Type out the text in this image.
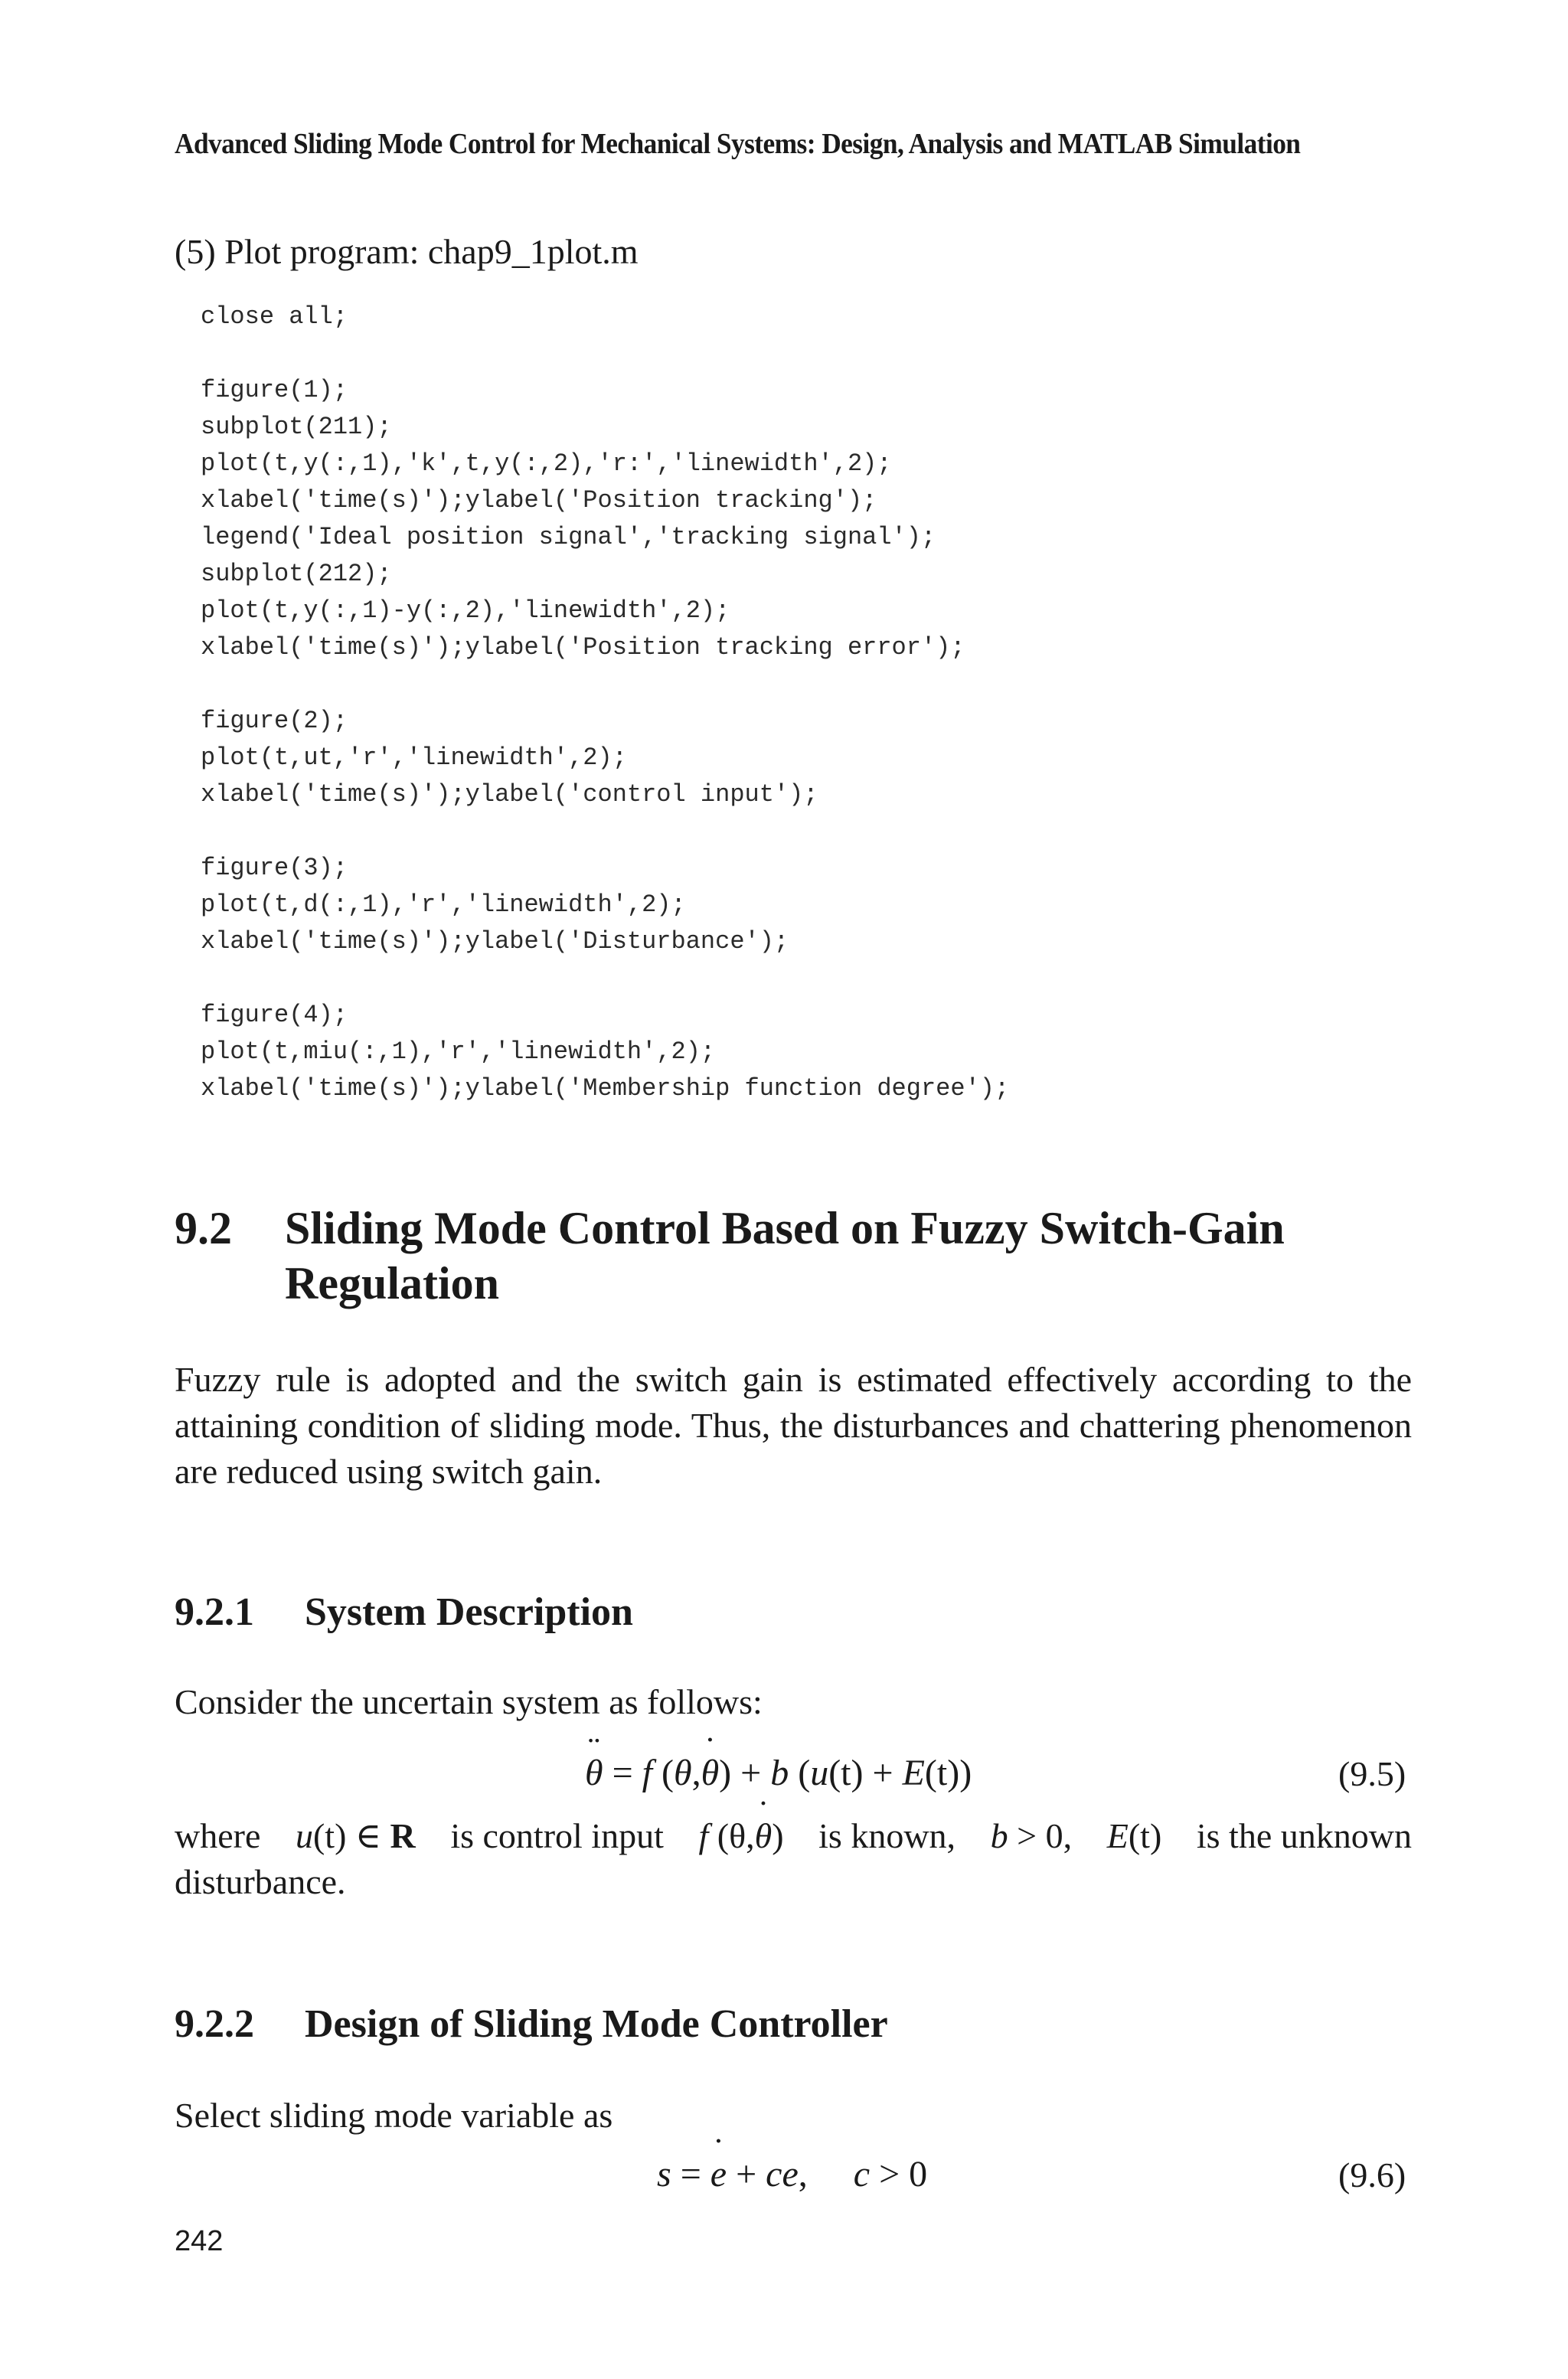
Advanced Sliding Mode Control for Mechanical Systems: Design, Analysis and MATLAB Simulation
(5) Plot program: chap9_1plot.m
close all;
figure(1);
subplot(211);
plot(t,y(:,1),'k',t,y(:,2),'r:','linewidth',2);
xlabel('time(s)');ylabel('Position tracking');
legend('Ideal position signal','tracking signal');
subplot(212);
plot(t,y(:,1)-y(:,2),'linewidth',2);
xlabel('time(s)');ylabel('Position tracking error');
figure(2);
plot(t,ut,'r','linewidth',2);
xlabel('time(s)');ylabel('control input');
figure(3);
plot(t,d(:,1),'r','linewidth',2);
xlabel('time(s)');ylabel('Disturbance');
figure(4);
plot(t,miu(:,1),'r','linewidth',2);
xlabel('time(s)');ylabel('Membership function degree');
9.2 Sliding Mode Control Based on Fuzzy Switch-Gain
Regulation
Fuzzy rule is adopted and the switch gain is estimated effectively according to the attaining condition of sliding mode. Thus, the disturbances and chattering phenomenon are reduced using switch gain.
9.2.1 System Description
Consider the uncertain system as follows:
¨ θ = f (θ,˙ θ) + b (u(t) + E(t))	(9.5)
where u(t) ∈ R is control input f (θ,˙ θ) is known, b > 0, E(t) is the unknown
disturbance.
9.2.2 Design of Sliding Mode Controller
Select sliding mode variable as
s = ˙ e + ce, c > 0	(9.6)
242
